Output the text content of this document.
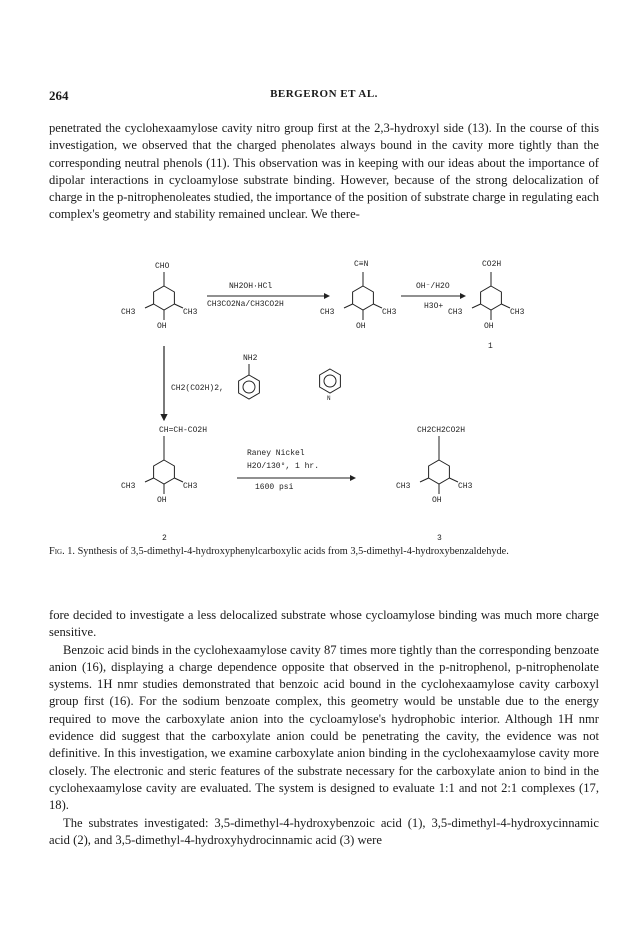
264	BERGERON ET AL.
penetrated the cyclohexaamylose cavity nitro group first at the 2,3-hydroxyl side (13). In the course of this investigation, we observed that the charged phenolates always bound in the cavity more tightly than the corresponding neutral phenols (11). This observation was in keeping with our ideas about the importance of dipolar interactions in cycloamylose substrate binding. However, because of the strong delocalization of charge in the p-nitrophenoleates studied, the importance of the position of substrate charge in regulating each complex's geometry and stability remained unclear. We there-
CHO
CH3	CH3
OH
NH2OH·HCl
CH3CO2Na/CH3CO2H
C≡N
CH3	CH3
OH
OH⁻/H2O
H3O+
CO2H
CH3	CH3
OH
1
CH2(CO2H)2,
NH2
N
CH=CH-CO2H
CH3	CH3
OH
2
Raney Nickel
H2O/130°, 1 hr.
1600 psi
CH2CH2CO2H
CH3	CH3
OH
3
Fig. 1. Synthesis of 3,5-dimethyl-4-hydroxyphenylcarboxylic acids from 3,5-dimethyl-4-hydroxybenzaldehyde.
fore decided to investigate a less delocalized substrate whose cycloamylose binding was much more charge sensitive.
Benzoic acid binds in the cyclohexaamylose cavity 87 times more tightly than the corresponding benzoate anion (16), displaying a charge dependence opposite that observed in the p-nitrophenol, p-nitrophenolate systems. 1H nmr studies demonstrated that benzoic acid bound in the cyclohexaamylose cavity carboxyl group first (16). For the sodium benzoate complex, this geometry would be unstable due to the energy required to move the carboxylate anion into the cycloamylose's hydrophobic interior. Although 1H nmr evidence did suggest that the carboxylate anion could be penetrating the cavity, the evidence was not definitive. In this investigation, we examine carboxylate anion binding in the cyclohexaamylose cavity more closely. The electronic and steric features of the substrate necessary for the carboxylate anion to bind in the cyclohexaamylose cavity are evaluated. The system is designed to evaluate 1:1 and not 2:1 complexes (17, 18).
The substrates investigated: 3,5-dimethyl-4-hydroxybenzoic acid (1), 3,5-dimethyl-4-hydroxycinnamic acid (2), and 3,5-dimethyl-4-hydroxyhydrocinnamic acid (3) were
